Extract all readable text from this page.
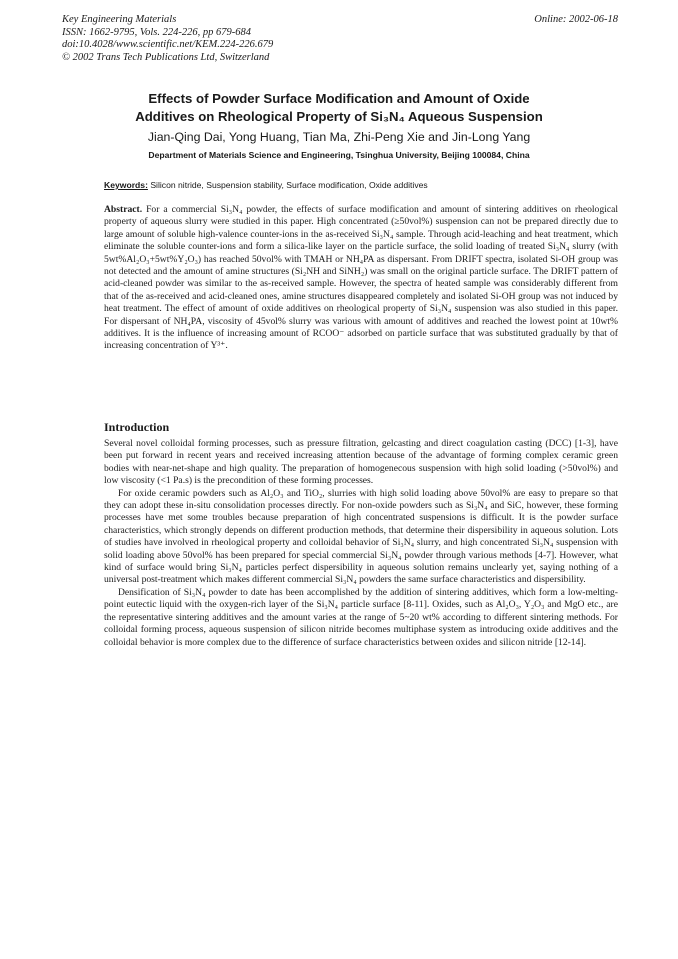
Key Engineering Materials
ISSN: 1662-9795, Vols. 224-226, pp 679-684
doi:10.4028/www.scientific.net/KEM.224-226.679
© 2002 Trans Tech Publications Ltd, Switzerland
Online: 2002-06-18
Effects of Powder Surface Modification and Amount of Oxide
Additives on Rheological Property of Si₃N₄ Aqueous Suspension
Jian-Qing Dai, Yong Huang, Tian Ma, Zhi-Peng Xie and Jin-Long Yang
Department of Materials Science and Engineering, Tsinghua University, Beijing 100084, China
Keywords: Silicon nitride, Suspension stability, Surface modification, Oxide additives
Abstract. For a commercial Si₃N₄ powder, the effects of surface modification and amount of sintering additives on rheological property of aqueous slurry were studied in this paper. High concentrated (≥50vol%) suspension can not be prepared directly due to large amount of soluble high-valence counter-ions in the as-received Si₃N₄ sample. Through acid-leaching and heat treatment, which eliminate the soluble counter-ions and form a silica-like layer on the particle surface, the solid loading of treated Si₃N₄ slurry (with 5wt%Al₂O₃+5wt%Y₂O₃) has reached 50vol% with TMAH or NH₄PA as dispersant. From DRIFT spectra, isolated Si-OH group was not detected and the amount of amine structures (Si₂NH and SiNH₂) was small on the original particle surface. The DRIFT pattern of acid-cleaned powder was similar to the as-received sample. However, the spectra of heated sample was considerably different from that of the as-received and acid-cleaned ones, amine structures disappeared completely and isolated Si-OH group was not induced by heat treatment. The effect of amount of oxide additives on rheological property of Si₃N₄ suspension was also studied in this paper. For dispersant of NH₄PA, viscosity of 45vol% slurry was various with amount of additives and reached the lowest point at 10wt% additives. It is the influence of increasing amount of RCOO⁻ adsorbed on particle surface that was substituted gradually by that of increasing concentration of Y³⁺.
Introduction

Several novel colloidal forming processes, such as pressure filtration, gelcasting and direct coagulation casting (DCC) [1-3], have been put forward in recent years and received increasing attention because of the advantage of forming complex ceramic green bodies with near-net-shape and high quality. The preparation of homogenecous suspension with high solid loading (>50vol%) and low viscosity (<1 Pa.s) is the precondition of these forming processes.

For oxide ceramic powders such as Al₂O₃ and TiO₂, slurries with high solid loading above 50vol% are easy to prepare so that they can adopt these in-situ consolidation processes directly. For non-oxide powders such as Si₃N₄ and SiC, however, these forming processes have met some troubles because preparation of high concentrated suspensions is difficult. It is the powder surface characteristics, which strongly depends on different production methods, that determine their dispersibility in aqueous solution. Lots of studies have involved in rheological property and colloidal behavior of Si₃N₄ slurry, and high concentrated Si₃N₄ suspension with solid loading above 50vol% has been prepared for special commercial Si₃N₄ powder through various methods [4-7]. However, what kind of surface would bring Si₃N₄ particles perfect dispersibility in aqueous solution remains unclearly yet, saying nothing of a universal post-treatment which makes different commercial Si₃N₄ powders the same surface characteristics and dispersibility.

Densification of Si₃N₄ powder to date has been accomplished by the addition of sintering additives, which form a low-melting-point eutectic liquid with the oxygen-rich layer of the Si₃N₄ particle surface [8-11]. Oxides, such as Al₂O₃, Y₂O₃ and MgO etc., are the representative sintering additives and the amount varies at the range of 5~20 wt% according to different sintering methods. For colloidal forming process, aqueous suspension of silicon nitride becomes multiphase system as introducing oxide additives and the colloidal behavior is more complex due to the difference of surface characteristics between oxides and silicon nitride [12-14].
